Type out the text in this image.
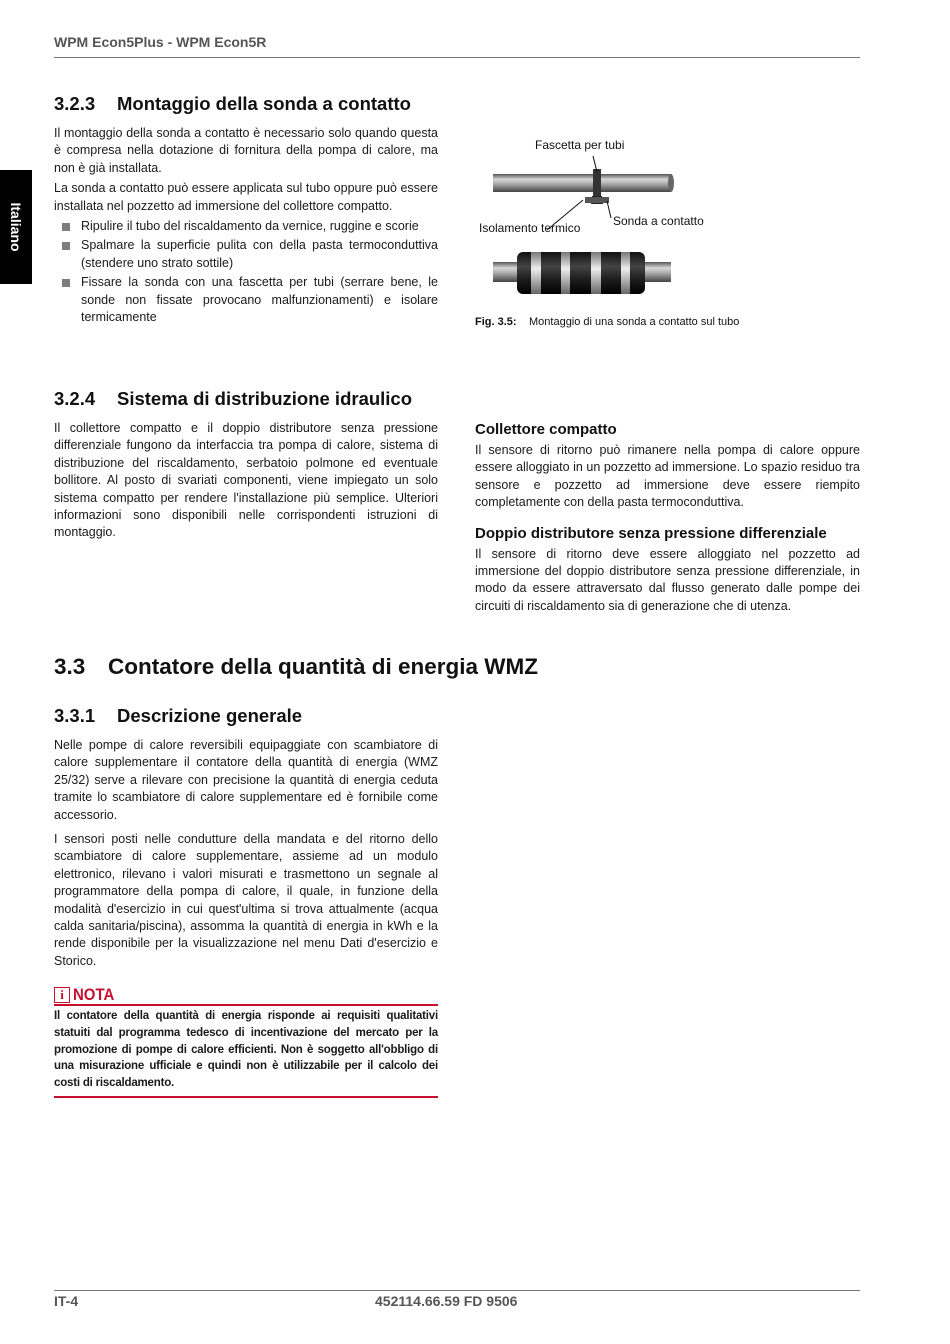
WPM Econ5Plus - WPM Econ5R
Italiano
3.2.3	Montaggio della sonda a contatto

Il montaggio della sonda a contatto è necessario solo quando questa è compresa nella dotazione di fornitura della pompa di calore, ma non è già installata.

La sonda a contatto può essere applicata sul tubo oppure può essere installata nel pozzetto ad immersione del collettore compatto.

Ripulire il tubo del riscaldamento da vernice, ruggine e scorie
Spalmare la superficie pulita con della pasta termoconduttiva (stendere uno strato sottile)
Fissare la sonda con una fascetta per tubi (serrare bene, le sonde non fissate provocano malfunzionamenti) e isolare termicamente
Fascetta per tubi
Isolamento termico	Sonda a contatto
Fig. 3.5: Montaggio di una sonda a contatto sul tubo
3.2.4	Sistema di distribuzione idraulico

Il collettore compatto e il doppio distributore senza pressione differenziale fungono da interfaccia tra pompa di calore, sistema di distribuzione del riscaldamento, serbatoio polmone ed eventuale bollitore. Al posto di svariati componenti, viene impiegato un solo sistema compatto per rendere l'installazione più semplice. Ulteriori informazioni sono disponibili nelle corrispondenti istruzioni di montaggio.

Collettore compatto

Il sensore di ritorno può rimanere nella pompa di calore oppure essere alloggiato in un pozzetto ad immersione. Lo spazio residuo tra sensore e pozzetto ad immersione deve essere riempito completamente con della pasta termoconduttiva.

Doppio distributore senza pressione differenziale

Il sensore di ritorno deve essere alloggiato nel pozzetto ad immersione del doppio distributore senza pressione differenziale, in modo da essere attraversato dal flusso generato dalle pompe dei circuiti di riscaldamento sia di generazione che di utenza.

3.3	Contatore della quantità di energia WMZ
3.3.1	Descrizione generale

Nelle pompe di calore reversibili equipaggiate con scambiatore di calore supplementare il contatore della quantità di energia (WMZ 25/32) serve a rilevare con precisione la quantità di energia ceduta tramite lo scambiatore di calore supplementare ed è fornibile come accessorio.

I sensori posti nelle condutture della mandata e del ritorno dello scambiatore di calore supplementare, assieme ad un modulo elettronico, rilevano i valori misurati e trasmettono un segnale al programmatore della pompa di calore, il quale, in funzione della modalità d'esercizio in cui quest'ultima si trova attualmente (acqua calda sanitaria/piscina), assomma la quantità di energia in kWh e la rende disponibile per la visualizzazione nel menu Dati d'esercizio e Storico.

i NOTA
Il contatore della quantità di energia risponde ai requisiti qualitativi statuiti dal programma tedesco di incentivazione del mercato per la promozione di pompe di calore efficienti. Non è soggetto all'obbligo di una misurazione ufficiale e quindi non è utilizzabile per il calcolo dei costi di riscaldamento.
IT-4	452114.66.59 FD 9506
